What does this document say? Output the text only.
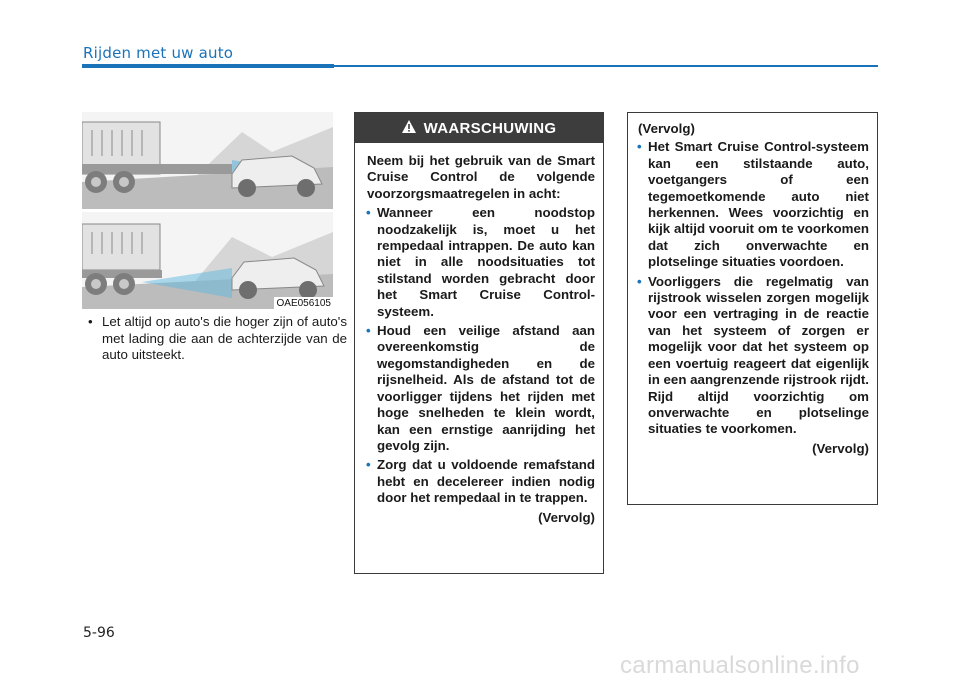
Rijden met uw auto
OAE056105
• Let altijd op auto's die hoger zijn of auto's met lading die aan de achterzijde van de auto uitsteekt.
WAARSCHUWING
Neem bij het gebruik van de Smart Cruise Control de volgende voorzorgsmaatregelen in acht:
• Wanneer een noodstop noodzakelijk is, moet u het rempedaal intrappen. De auto kan niet in alle noodsituaties tot stilstand worden gebracht door het Smart Cruise Control-systeem.
• Houd een veilige afstand aan overeenkomstig de wegomstandigheden en de rijsnelheid. Als de afstand tot de voorligger tijdens het rijden met hoge snelheden te klein wordt, kan een ernstige aanrijding het gevolg zijn.
• Zorg dat u voldoende remafstand hebt en decelereer indien nodig door het rempedaal in te trappen.
(Vervolg)
(Vervolg)
• Het Smart Cruise Control-systeem kan een stilstaande auto, voetgangers of een tegemoetkomende auto niet herkennen. Wees voorzichtig en kijk altijd vooruit om te voorkomen dat zich onverwachte en plotselinge situaties voordoen.
• Voorliggers die regelmatig van rijstrook wisselen zorgen mogelijk voor een vertraging in de reactie van het systeem of zorgen er mogelijk voor dat het systeem op een voertuig reageert dat eigenlijk in een aangrenzende rijstrook rijdt. Rijd altijd voorzichtig om onverwachte en plotselinge situaties te voorkomen.
(Vervolg)
5-96
carmanualsonline.info
